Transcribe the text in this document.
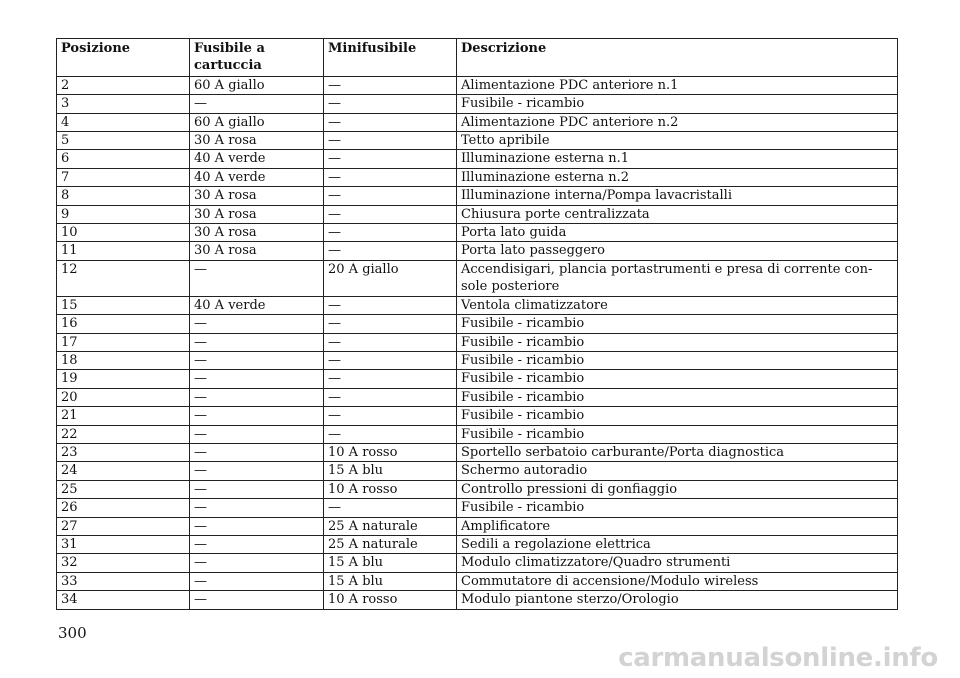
Posizione	Fusibile a cartuccia	Minifusibile	Descrizione
2	60 A giallo	—	Alimentazione PDC anteriore n.1
3	—	—	Fusibile - ricambio
4	60 A giallo	—	Alimentazione PDC anteriore n.2
5	30 A rosa	—	Tetto apribile
6	40 A verde	—	Illuminazione esterna n.1
7	40 A verde	—	Illuminazione esterna n.2
8	30 A rosa	—	Illuminazione interna/Pompa lavacristalli
9	30 A rosa	—	Chiusura porte centralizzata
10	30 A rosa	—	Porta lato guida
11	30 A rosa	—	Porta lato passeggero
12	—	20 A giallo	Accendisigari, plancia portastrumenti e presa di corrente con- sole posteriore
15	40 A verde	—	Ventola climatizzatore
16	—	—	Fusibile - ricambio
17	—	—	Fusibile - ricambio
18	—	—	Fusibile - ricambio
19	—	—	Fusibile - ricambio
20	—	—	Fusibile - ricambio
21	—	—	Fusibile - ricambio
22	—	—	Fusibile - ricambio
23	—	10 A rosso	Sportello serbatoio carburante/Porta diagnostica
24	—	15 A blu	Schermo autoradio
25	—	10 A rosso	Controllo pressioni di gonfiaggio
26	—	—	Fusibile - ricambio
27	—	25 A naturale	Amplificatore
31	—	25 A naturale	Sedili a regolazione elettrica
32	—	15 A blu	Modulo climatizzatore/Quadro strumenti
33	—	15 A blu	Commutatore di accensione/Modulo wireless
34	—	10 A rosso	Modulo piantone sterzo/Orologio
300
carmanualsonline.info
